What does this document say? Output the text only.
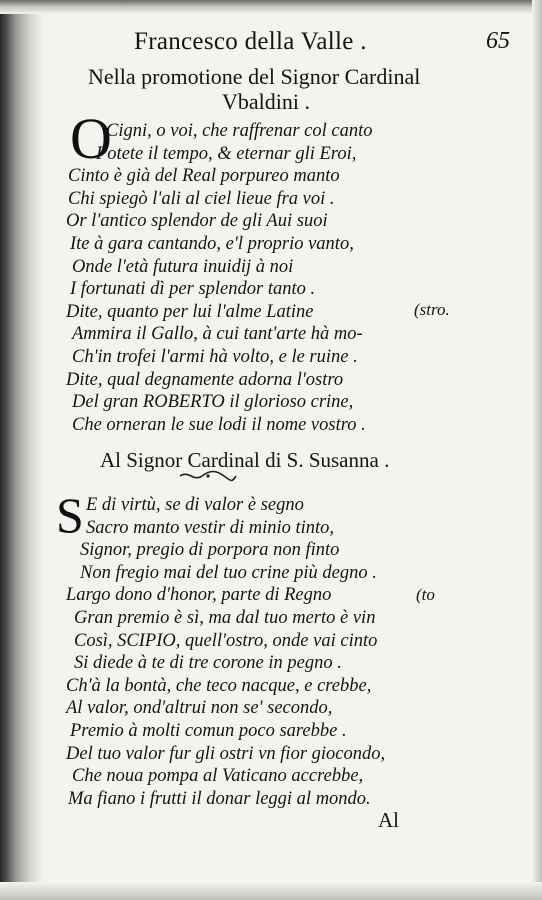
Francesco della Valle .	65
Nella promotione del Signor Cardinal
Vbaldini .
O
Cigni, o voi, che raffrenar col canto
Potete il tempo, & eternar gli Eroi,
Cinto è già del Real porpureo manto
Chi spiegò l'ali al ciel lieue fra voi .
Or l'antico splendor de gli Aui suoi
Ite à gara cantando, e'l proprio vanto,
Onde l'età futura inuidij à noi
I fortunati dì per splendor tanto .
Dite, quanto per lui l'alme Latine
Ammira il Gallo, à cui tant'arte hà mo-
Ch'in trofei l'armi hà volto, e le ruine .
Dite, qual degnamente adorna l'ostro
Del gran ROBERTO il glorioso crine,
Che orneran le sue lodi il nome vostro .
(stro.
Al Signor Cardinal di S. Susanna .
S E di virtù, se di valor è segno
Sacro manto vestir di minio tinto,
Signor, pregio di porpora non finto
Non fregio mai del tuo crine più degno .
Largo dono d'honor, parte di Regno
Gran premio è sì, ma dal tuo merto è vin
Così, SCIPIO, quell'ostro, onde vai cinto
Si diede à te di tre corone in pegno .
Ch'à la bontà, che teco nacque, e crebbe,
Al valor, ond'altrui non se' secondo,
Premio à molti comun poco sarebbe .
Del tuo valor fur gli ostri vn fior giocondo,
Che noua pompa al Vaticano accrebbe,
Ma fiano i frutti il donar leggi al mondo.
(to
Al
